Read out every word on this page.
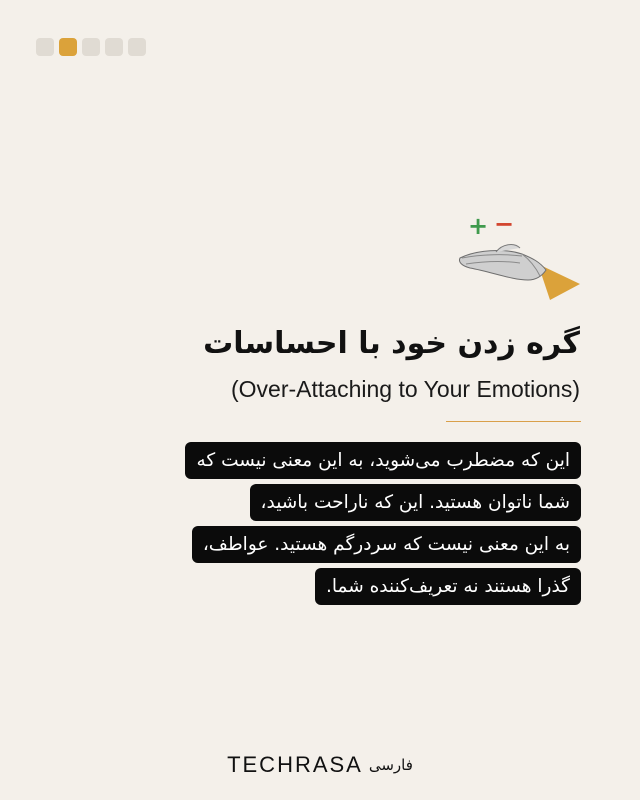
+ −
گره زدن خود با احساسات
(Over-Attaching to Your Emotions)
این که مضطرب می‌شوید، به این معنی نیست که
شما ناتوان هستید. این که ناراحت باشید،
به این معنی نیست که سردرگم هستید. عواطف،
گذرا هستند نه تعریف‌کننده شما.
TECHRASA فارسی
